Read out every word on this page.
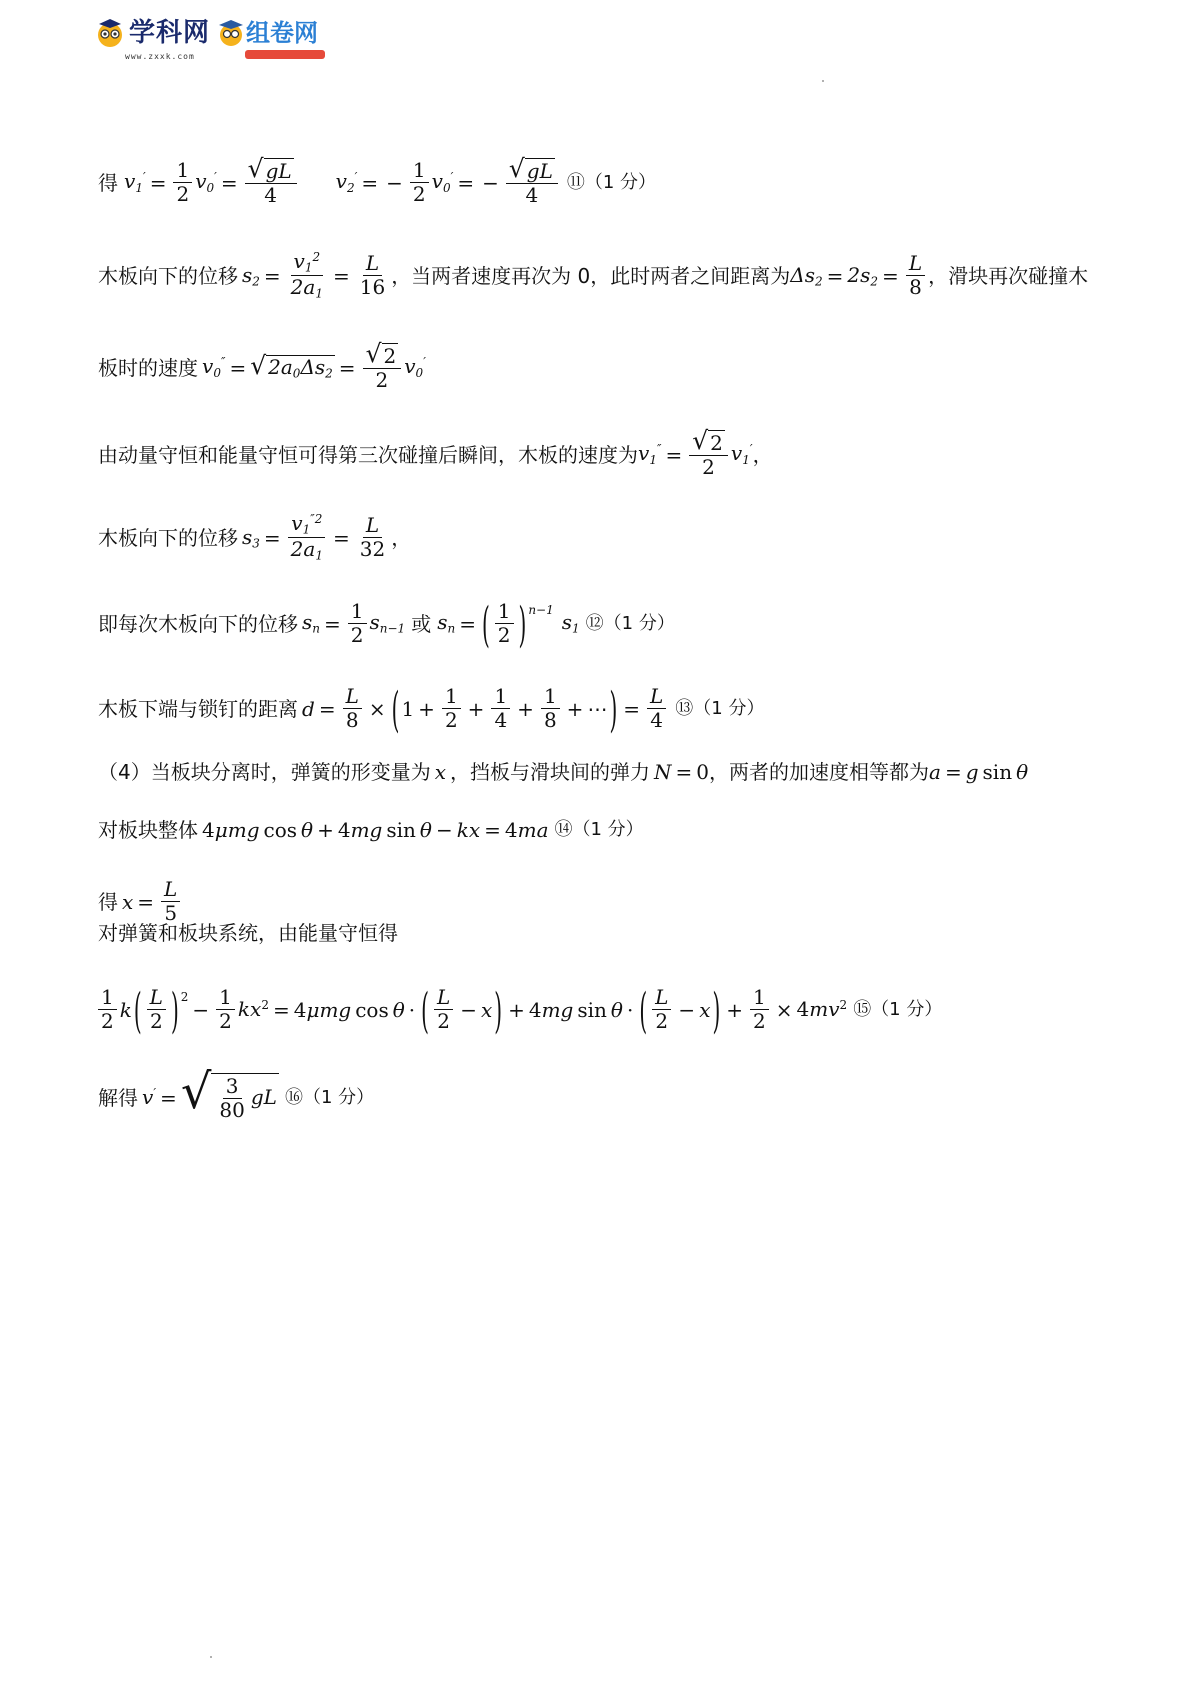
学科网
www.zxxk.com
组卷网
得 $v_1' = \frac{1}{2} v_0' = \frac{√ gL}{4} v_2'$ = − $\frac{1}{2} v_0'$ = − $\frac{√ gL}{4}$ ⑪（1 分）
木板向下的位移 $s_2 = \frac{v_1^2}{2a_1} = \frac{L}{16}$ ，当两者速度再次为 0，此时两者之间距离为 $\Delta s_2 = 2s_2 = \frac{L}{8}$ ，滑块再次碰撞木
板时的速度 $v_0''$ = √ $2a_0\Delta s_2 = \frac{√ 2}{2} v_0'$
由动量守恒和能量守恒可得第三次碰撞后瞬间，木板的速度为 $v_1'' = \frac{√ 2}{2} v_1'$ ，
木板向下的位移 $s_3 = \frac{v_1^{''2}}{2a_1} = \frac{L}{32}$ ，
即每次木板向下的位移 $s_n = \frac{1}{2} s_{n-1}$ 或 $s_n$ = ( $\frac{1}{2} )^{n-1}$
$s_1$ ⑫（1 分）
木板下端与锁钉的距离 $d = \frac{L}{8}$ × ( $1 + \frac{1}{2} + \frac{1}{4} + \frac{1}{8}$ + ⋯ ) = $\frac{L}{4}$ ⑬（1 分）
（4）当板块分离时，弹簧的形变量为 x ，挡板与滑块间的弹力 N = 0 ，两者的加速度相等都为 a = g sin θ
对板块整体 4μmg cos θ + 4mg sin θ − kx = 4ma ⑭（1 分）
得 $x = \frac{L}{5}$
对弹簧和板块系统，由能量守恒得
$\frac{1}{2}$ k ( $\frac{L}{2} )^2$
− $\frac{1}{2} kx^2 = 4\mu mg$ cos θ · ( $\frac{L}{2} - x$ ) + 4mg sin θ · ( $\frac{L}{2} - x$ ) + $\frac{1}{2} \times 4mv^2$ ⑮（1 分）
解得 v′ = √ $\frac{3}{80}$ gL ⑯（1 分）
